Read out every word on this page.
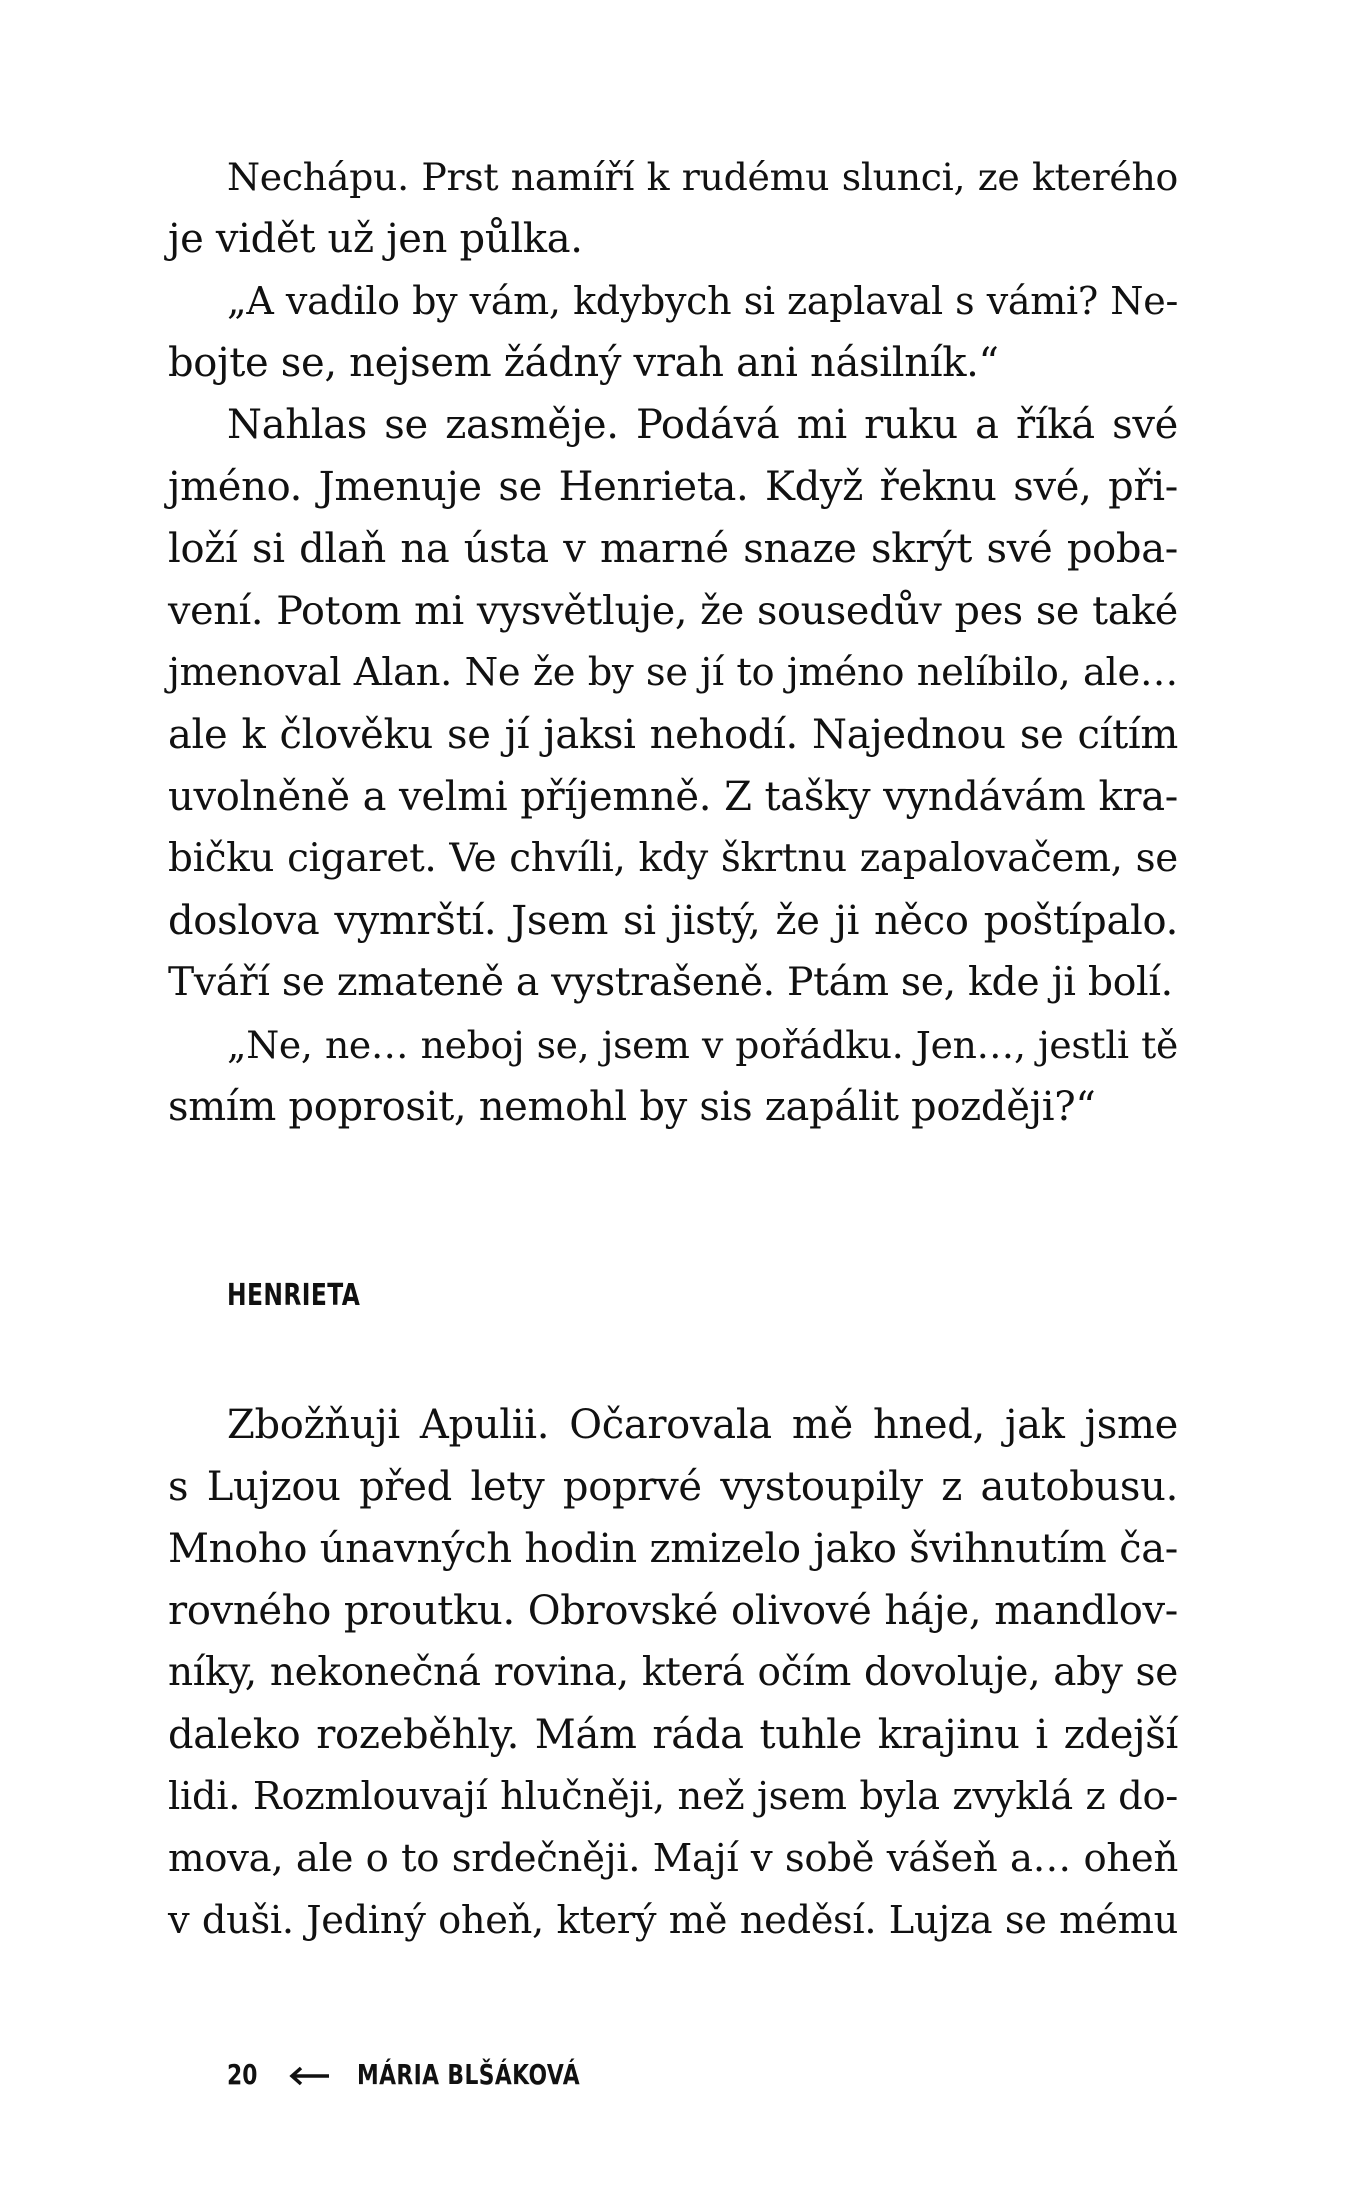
Nechápu. Prst namíří k rudému slunci, ze kterého
je vidět už jen půlka.
„A vadilo by vám, kdybych si zaplaval s vámi? Ne-
bojte se, nejsem žádný vrah ani násilník.“
Nahlas se zasměje. Podává mi ruku a říká své
jméno. Jmenuje se Henrieta. Když řeknu své, při-
loží si dlaň na ústa v marné snaze skrýt své poba-
vení. Potom mi vysvětluje, že sousedův pes se také
jmenoval Alan. Ne že by se jí to jméno nelíbilo, ale…
ale k člověku se jí jaksi nehodí. Najednou se cítím
uvolněně a velmi příjemně. Z tašky vyndávám kra-
bičku cigaret. Ve chvíli, kdy škrtnu zapalovačem, se
doslova vymrští. Jsem si jistý, že ji něco poštípalo.
Tváří se zmateně a vystrašeně. Ptám se, kde ji bolí.
„Ne, ne… neboj se, jsem v pořádku. Jen…, jestli tě
smím poprosit, nemohl by sis zapálit později?“
HENRIETA
Zbožňuji Apulii. Očarovala mě hned, jak jsme
s Lujzou před lety poprvé vystoupily z autobusu.
Mnoho únavných hodin zmizelo jako švihnutím ča-
rovného proutku. Obrovské olivové háje, mandlov-
níky, nekonečná rovina, která očím dovoluje, aby se
daleko rozeběhly. Mám ráda tuhle krajinu i zdejší
lidi. Rozmlouvají hlučněji, než jsem byla zvyklá z do-
mova, ale o to srdečněji. Mají v sobě vášeň a… oheň
v duši. Jediný oheň, který mě neděsí. Lujza se mému
20	MÁRIA BLŠÁKOVÁ
